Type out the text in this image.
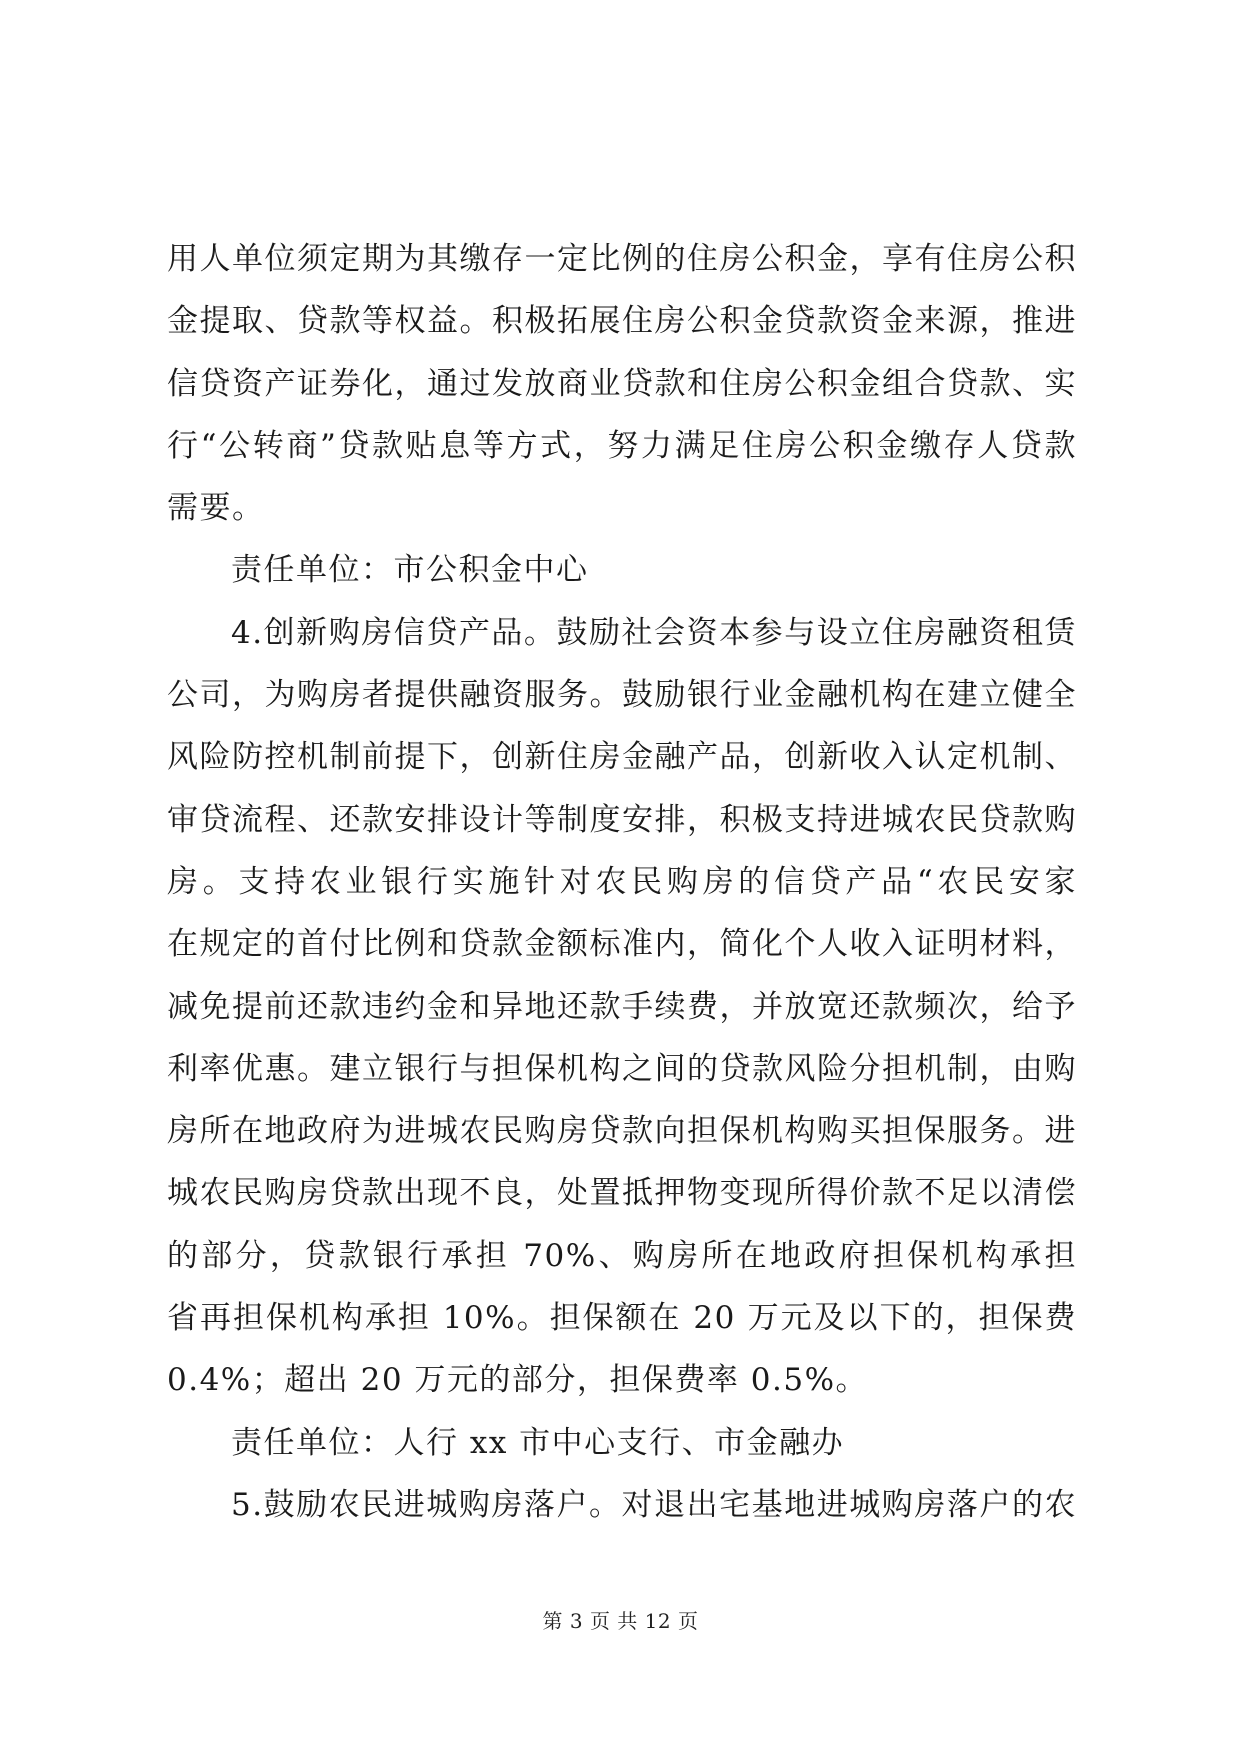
用人单位须定期为其缴存一定比例的住房公积金，享有住房公积
金提取、贷款等权益。积极拓展住房公积金贷款资金来源，推进
信贷资产证券化，通过发放商业贷款和住房公积金组合贷款、实
行“公转商”贷款贴息等方式，努力满足住房公积金缴存人贷款
需要。
责任单位：市公积金中心
4.创新购房信贷产品。鼓励社会资本参与设立住房融资租赁
公司，为购房者提供融资服务。鼓励银行业金融机构在建立健全
风险防控机制前提下，创新住房金融产品，创新收入认定机制、
审贷流程、还款安排设计等制度安排，积极支持进城农民贷款购
房。支持农业银行实施针对农民购房的信贷产品“农民安家
在规定的首付比例和贷款金额标准内，简化个人收入证明材料，
减免提前还款违约金和异地还款手续费，并放宽还款频次，给予
利率优惠。建立银行与担保机构之间的贷款风险分担机制，由购
房所在地政府为进城农民购房贷款向担保机构购买担保服务。进
城农民购房贷款出现不良，处置抵押物变现所得价款不足以清偿
的部分，贷款银行承担 70%、购房所在地政府担保机构承担
省再担保机构承担 10%。担保额在 20 万元及以下的，担保费
0.4%；超出 20 万元的部分，担保费率 0.5%。
责任单位：人行 xx 市中心支行、市金融办
5.鼓励农民进城购房落户。对退出宅基地进城购房落户的农
第 3 页 共 12 页
